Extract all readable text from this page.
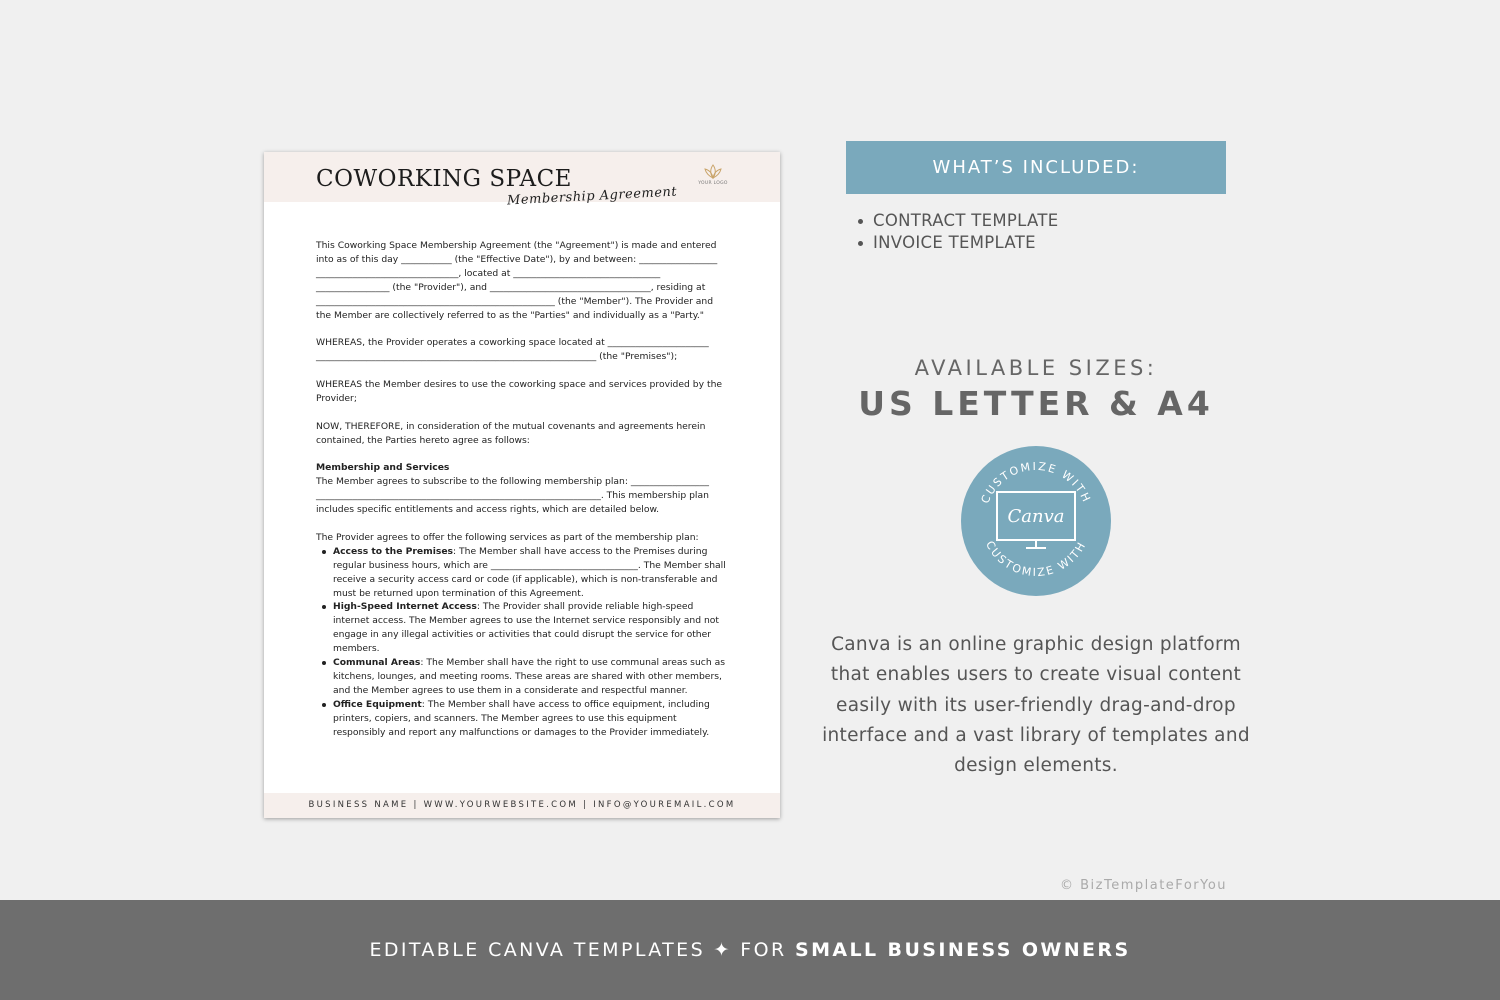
COWORKING SPACE
Membership Agreement
YOUR LOGO

This Coworking Space Membership Agreement (the "Agreement") is made and entered into as of this day ___________ (the "Effective Date"), by and between: _________________ _______________________________, located at ________________________________ ________________ (the "Provider"), and ___________________________________, residing at ____________________________________________________ (the "Member"). The Provider and the Member are collectively referred to as the "Parties" and individually as a "Party."

WHEREAS, the Provider operates a coworking space located at ______________________ _____________________________________________________________ (the "Premises");

WHEREAS the Member desires to use the coworking space and services provided by the Provider;

NOW, THEREFORE, in consideration of the mutual covenants and agreements herein contained, the Parties hereto agree as follows:

Membership and Services

The Member agrees to subscribe to the following membership plan: _________________ ______________________________________________________________. This membership plan includes specific entitlements and access rights, which are detailed below.

The Provider agrees to offer the following services as part of the membership plan:

Access to the Premises: The Member shall have access to the Premises during regular business hours, which are ________________________________. The Member shall receive a security access card or code (if applicable), which is non-transferable and must be returned upon termination of this Agreement.
High-Speed Internet Access: The Provider shall provide reliable high-speed internet access. The Member agrees to use the Internet service responsibly and not engage in any illegal activities or activities that could disrupt the service for other members.
Communal Areas: The Member shall have the right to use communal areas such as kitchens, lounges, and meeting rooms. These areas are shared with other members, and the Member agrees to use them in a considerate and respectful manner.
Office Equipment: The Member shall have access to office equipment, including printers, copiers, and scanners. The Member agrees to use this equipment responsibly and report any malfunctions or damages to the Provider immediately.
BUSINESS NAME | WWW.YOURWEBSITE.COM | INFO@YOUREMAIL.COM
WHAT’S INCLUDED:
CONTRACT TEMPLATE
INVOICE TEMPLATE
AVAILABLE SIZES:
US LETTER & A4
CUSTOMIZE WITH
CUSTOMIZE WITH
Canva
Canva is an online graphic design platform that enables users to create visual content easily with its user-friendly drag-and-drop interface and a vast library of templates and design elements.
© BizTemplateForYou
EDITABLE CANVA TEMPLATES ✦ FOR SMALL BUSINESS OWNERS
